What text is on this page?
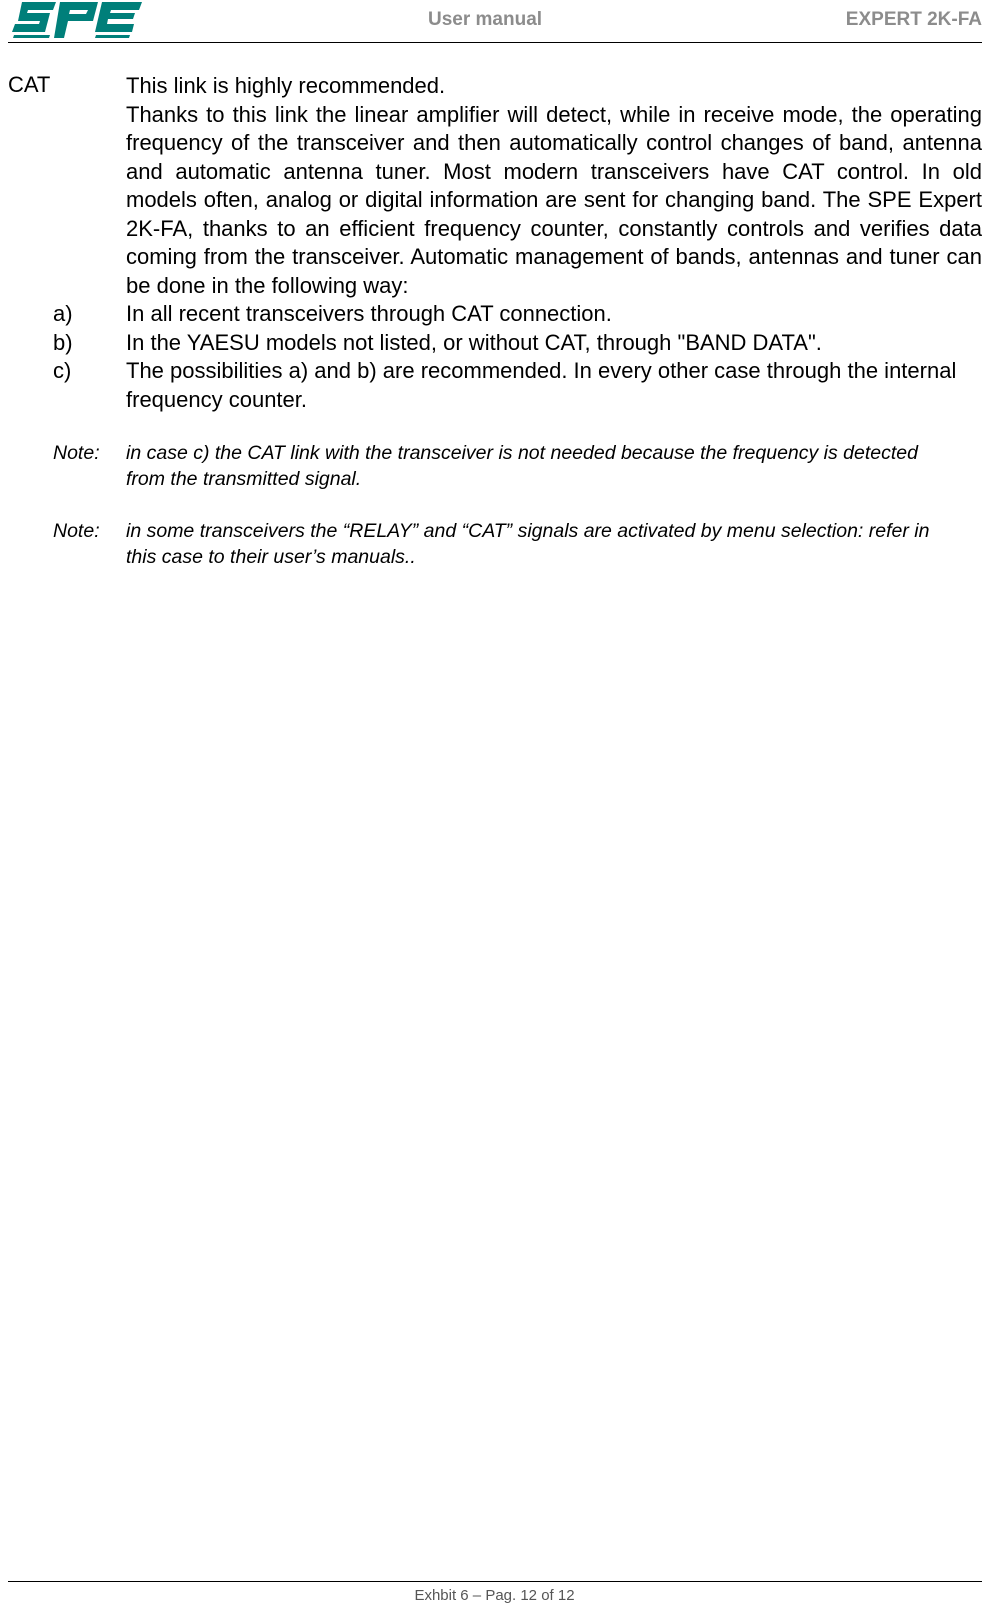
User manual	EXPERT 2K-FA
CAT	This link is highly recommended.

Thanks to this link the linear amplifier will detect, while in receive mode, the operating frequency of the transceiver and then automatically control changes of band, antenna and automatic antenna tuner. Most modern transceivers have CAT control. In old models often, analog or digital information are sent for changing band. The SPE Expert 2K-FA, thanks to an efficient frequency counter, constantly controls and verifies data coming from the transceiver. Automatic management of bands, antennas and tuner can be done in the following way:

a) In all recent transceivers through CAT connection.
b) In the YAESU models not listed, or without CAT, through "BAND DATA".
c) The possibilities a) and b) are recommended. In every other case through the internal frequency counter.
Note: in case c) the CAT link with the transceiver is not needed because the frequency is detected from the transmitted signal.
Note: in some transceivers the “RELAY” and “CAT” signals are activated by menu selection: refer in this case to their user’s manuals..
Exhbit 6 – Pag. 12 of 12
